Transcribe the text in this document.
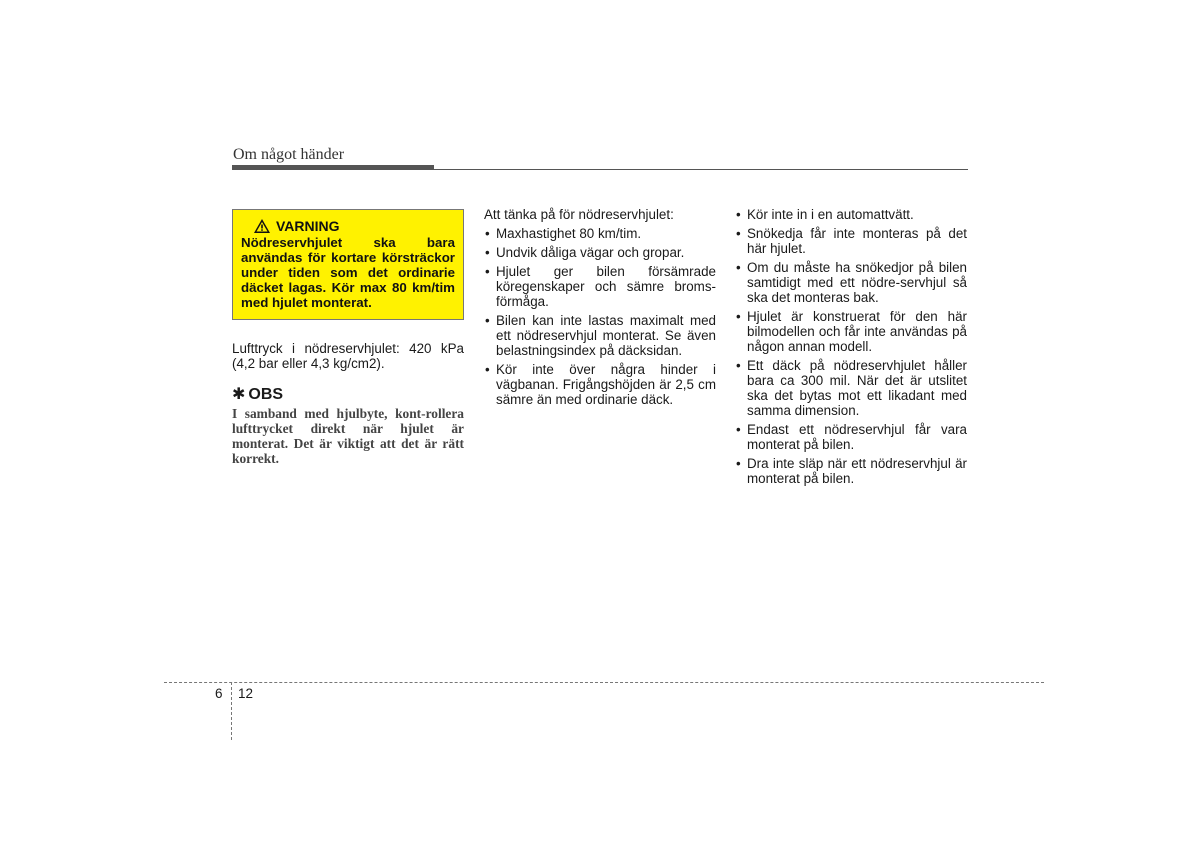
Om något händer
VARNING
Nödreservhjulet ska bara användas för kortare körsträckor under tiden som det ordinarie däcket lagas. Kör max 80 km/tim med hjulet monterat.
Lufttryck i nödreservhjulet: 420 kPa (4,2 bar eller 4,3 kg/cm2).
✱ OBS
I samband med hjulbyte, kont-rollera lufttrycket direkt när hjulet är monterat. Det är viktigt att det är rätt korrekt.
Att tänka på för nödreservhjulet:
• Maxhastighet 80 km/tim.
• Undvik dåliga vägar och gropar.
• Hjulet ger bilen försämrade köregenskaper och sämre broms-förmåga.
• Bilen kan inte lastas maximalt med ett nödreservhjul monterat. Se även belastningsindex på däcksidan.
• Kör inte över några hinder i vägbanan. Frigångshöjden är 2,5 cm sämre än med ordinarie däck.
• Kör inte in i en automattvätt.
• Snökedja får inte monteras på det här hjulet.
• Om du måste ha snökedjor på bilen samtidigt med ett nödre-servhjul så ska det monteras bak.
• Hjulet är konstruerat för den här bilmodellen och får inte användas på någon annan modell.
• Ett däck på nödreservhjulet håller bara ca 300 mil. När det är utslitet ska det bytas mot ett likadant med samma dimension.
• Endast ett nödreservhjul får vara monterat på bilen.
• Dra inte släp när ett nödreservhjul är monterat på bilen.
6 12
